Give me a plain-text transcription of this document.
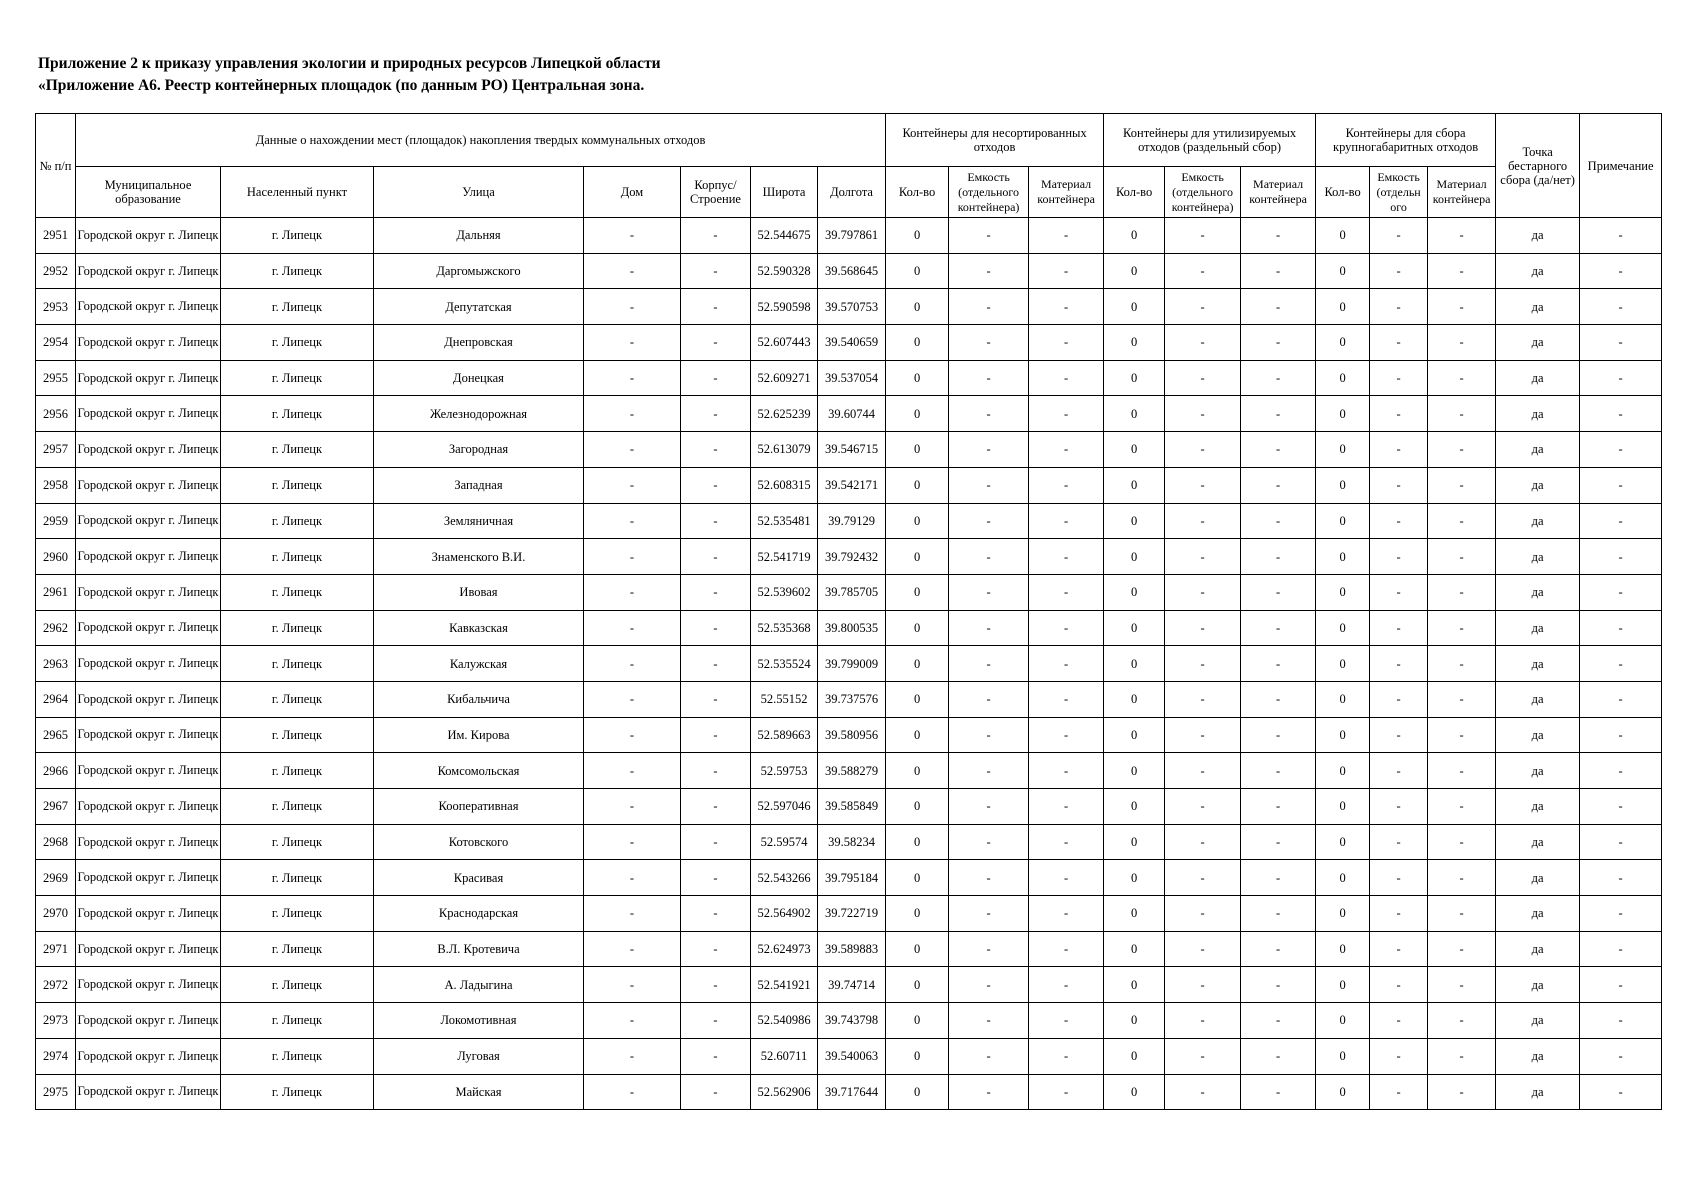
Приложение 2 к приказу управления экологии и природных ресурсов Липецкой области
«Приложение А6. Реестр контейнерных площадок (по данным РО) Центральная зона.
№ п/п	Данные о нахождении мест (площадок) накопления твердых коммунальных отходов							Контейнеры для несортированных отходов			Контейнеры для утилизируемых отходов (раздельный сбор)			Контейнеры для сбора крупногабаритных отходов			Точка бестарного сбора (да/нет)	Примечание
	Муниципальное образование	Населенный пункт	Улица	Дом	Корпус/ Строение	Широта	Долгота	Кол-во	Емкость (отдельного контейнера)	Материал контейнера	Кол-во	Емкость (отдельного контейнера)	Материал контейнера	Кол-во	Емкость (отдельн ого	Материал контейнера		
2951	Городской округ г. Липецк	г. Липецк	Дальняя	-	-	52.544675	39.797861	0	-	-	0	-	-	0	-	-	да	-
2952	Городской округ г. Липецк	г. Липецк	Даргомыжского	-	-	52.590328	39.568645	0	-	-	0	-	-	0	-	-	да	-
2953	Городской округ г. Липецк	г. Липецк	Депутатская	-	-	52.590598	39.570753	0	-	-	0	-	-	0	-	-	да	-
2954	Городской округ г. Липецк	г. Липецк	Днепровская	-	-	52.607443	39.540659	0	-	-	0	-	-	0	-	-	да	-
2955	Городской округ г. Липецк	г. Липецк	Донецкая	-	-	52.609271	39.537054	0	-	-	0	-	-	0	-	-	да	-
2956	Городской округ г. Липецк	г. Липецк	Железнодорожная	-	-	52.625239	39.60744	0	-	-	0	-	-	0	-	-	да	-
2957	Городской округ г. Липецк	г. Липецк	Загородная	-	-	52.613079	39.546715	0	-	-	0	-	-	0	-	-	да	-
2958	Городской округ г. Липецк	г. Липецк	Западная	-	-	52.608315	39.542171	0	-	-	0	-	-	0	-	-	да	-
2959	Городской округ г. Липецк	г. Липецк	Земляничная	-	-	52.535481	39.79129	0	-	-	0	-	-	0	-	-	да	-
2960	Городской округ г. Липецк	г. Липецк	Знаменского В.И.	-	-	52.541719	39.792432	0	-	-	0	-	-	0	-	-	да	-
2961	Городской округ г. Липецк	г. Липецк	Ивовая	-	-	52.539602	39.785705	0	-	-	0	-	-	0	-	-	да	-
2962	Городской округ г. Липецк	г. Липецк	Кавказская	-	-	52.535368	39.800535	0	-	-	0	-	-	0	-	-	да	-
2963	Городской округ г. Липецк	г. Липецк	Калужская	-	-	52.535524	39.799009	0	-	-	0	-	-	0	-	-	да	-
2964	Городской округ г. Липецк	г. Липецк	Кибальчича	-	-	52.55152	39.737576	0	-	-	0	-	-	0	-	-	да	-
2965	Городской округ г. Липецк	г. Липецк	Им. Кирова	-	-	52.589663	39.580956	0	-	-	0	-	-	0	-	-	да	-
2966	Городской округ г. Липецк	г. Липецк	Комсомольская	-	-	52.59753	39.588279	0	-	-	0	-	-	0	-	-	да	-
2967	Городской округ г. Липецк	г. Липецк	Кооперативная	-	-	52.597046	39.585849	0	-	-	0	-	-	0	-	-	да	-
2968	Городской округ г. Липецк	г. Липецк	Котовского	-	-	52.59574	39.58234	0	-	-	0	-	-	0	-	-	да	-
2969	Городской округ г. Липецк	г. Липецк	Красивая	-	-	52.543266	39.795184	0	-	-	0	-	-	0	-	-	да	-
2970	Городской округ г. Липецк	г. Липецк	Краснодарская	-	-	52.564902	39.722719	0	-	-	0	-	-	0	-	-	да	-
2971	Городской округ г. Липецк	г. Липецк	В.Л. Кротевича	-	-	52.624973	39.589883	0	-	-	0	-	-	0	-	-	да	-
2972	Городской округ г. Липецк	г. Липецк	А. Ладыгина	-	-	52.541921	39.74714	0	-	-	0	-	-	0	-	-	да	-
2973	Городской округ г. Липецк	г. Липецк	Локомотивная	-	-	52.540986	39.743798	0	-	-	0	-	-	0	-	-	да	-
2974	Городской округ г. Липецк	г. Липецк	Луговая	-	-	52.60711	39.540063	0	-	-	0	-	-	0	-	-	да	-
2975	Городской округ г. Липецк	г. Липецк	Майская	-	-	52.562906	39.717644	0	-	-	0	-	-	0	-	-	да	-
